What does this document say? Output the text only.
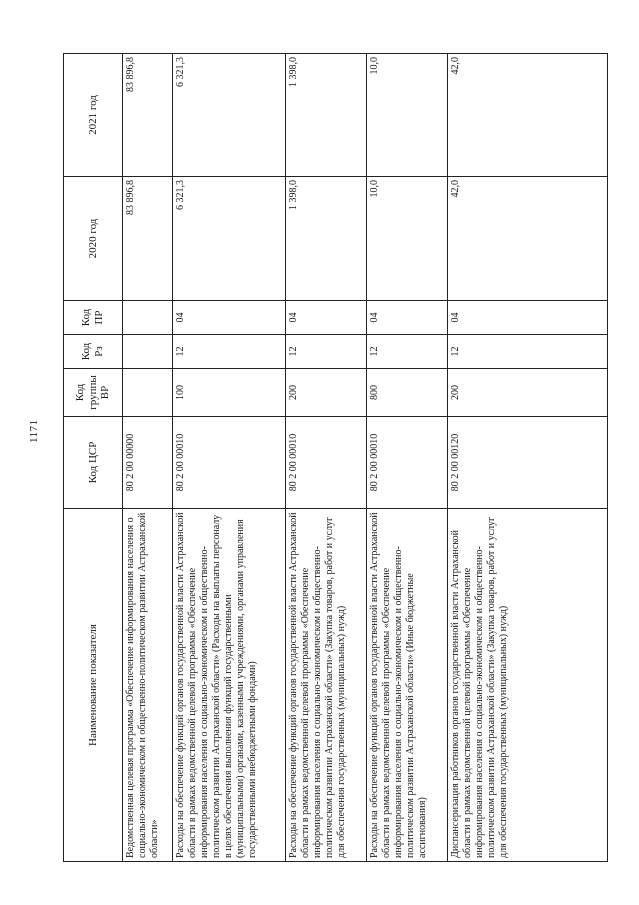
1171
Наименование показателя	Код ЦСР	Код группы ВР	Код Рз	Код ПР	2020 год	2021 год
Ведомственная целевая программа «Обеспечение информирования населения о социально-экономическом и общественно-политическом развитии Астраханской области»	80 2 00 00000				83 896,8	83 896,8
Расходы на обеспечение функций органов государственной власти Астраханской области в рамках ведомственной целевой программы «Обеспечение информирования населения о социально-экономическом и общественно-политическом развитии Астраханской области» (Расходы на выплаты персоналу в целях обеспечения выполнения функций государственными (муниципальными) органами, казенными учреждениями, органами управления государственными внебюджетными фондами)	80 2 00 00010	100	12	04	6 321,3	6 321,3
Расходы на обеспечение функций органов государственной власти Астраханской области в рамках ведомственной целевой программы «Обеспечение информирования населения о социально-экономическом и общественно-политическом развитии Астраханской области» (Закупка товаров, работ и услуг для обеспечения государственных (муниципальных) нужд)	80 2 00 00010	200	12	04	1 398,0	1 398,0
Расходы на обеспечение функций органов государственной власти Астраханской области в рамках ведомственной целевой программы «Обеспечение информирования населения о социально-экономическом и общественно-политическом развитии Астраханской области» (Иные бюджетные ассигнования)	80 2 00 00010	800	12	04	10,0	10,0
Диспансеризация работников органов государственной власти Астраханской области в рамках ведомственной целевой программы «Обеспечение информирования населения о социально-экономическом и общественно-политическом развитии Астраханской области» (Закупка товаров, работ и услуг для обеспечения государственных (муниципальных) нужд)	80 2 00 00120	200	12	04	42,0	42,0
